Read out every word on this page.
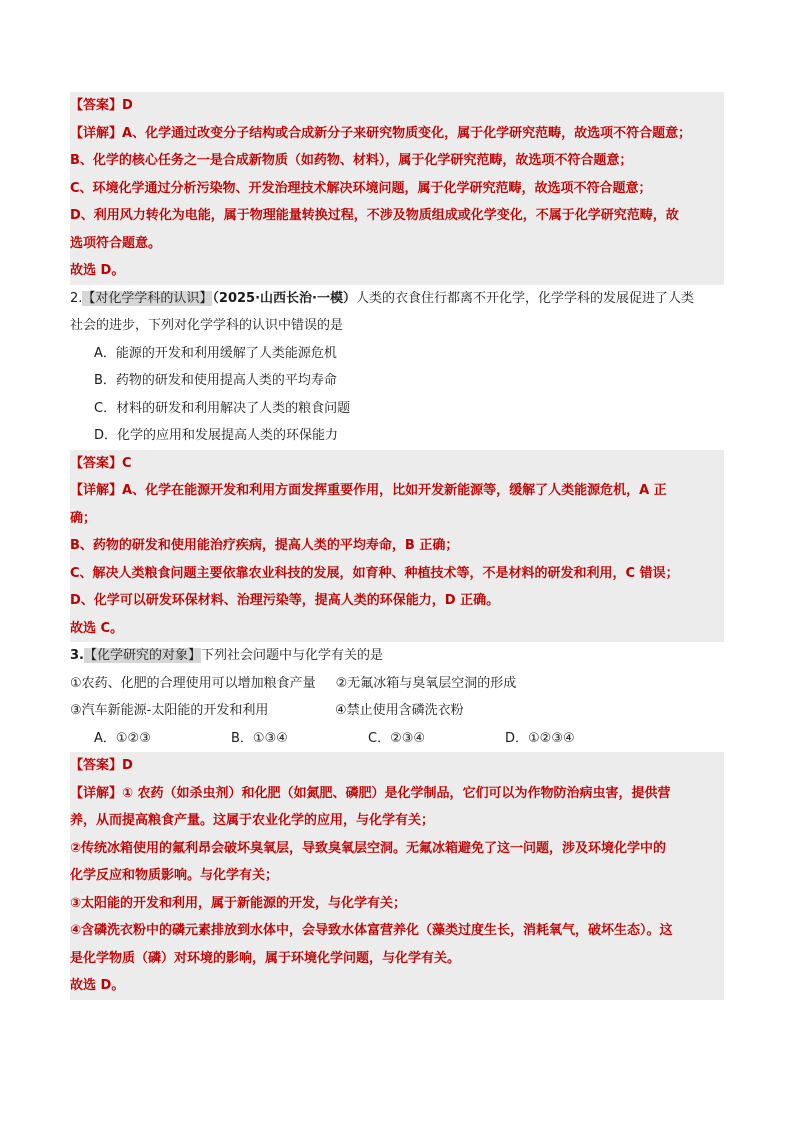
【答案】D
【详解】A、化学通过改变分子结构或合成新分子来研究物质变化，属于化学研究范畴，故选项不符合题意；
B、化学的核心任务之一是合成新物质（如药物、材料），属于化学研究范畴，故选项不符合题意；
C、环境化学通过分析污染物、开发治理技术解决环境问题，属于化学研究范畴，故选项不符合题意；
D、利用风力转化为电能，属于物理能量转换过程，不涉及物质组成或化学变化，不属于化学研究范畴，故
选项符合题意。
故选 D。
2.【对化学学科的认识】（2025·山西长治·一模）人类的衣食住行都离不开化学，化学学科的发展促进了人类
社会的进步，下列对化学学科的认识中错误的是
A．能源的开发和利用缓解了人类能源危机
B．药物的研发和使用提高人类的平均寿命
C．材料的研发和利用解决了人类的粮食问题
D．化学的应用和发展提高人类的环保能力
【答案】C
【详解】A、化学在能源开发和利用方面发挥重要作用，比如开发新能源等，缓解了人类能源危机，A 正
确；
B、药物的研发和使用能治疗疾病，提高人类的平均寿命，B 正确；
C、解决人类粮食问题主要依靠农业科技的发展，如育种、种植技术等，不是材料的研发和利用，C 错误；
D、化学可以研发环保材料、治理污染等，提高人类的环保能力，D 正确。
故选 C。
3.【化学研究的对象】下列社会问题中与化学有关的是
①农药、化肥的合理使用可以增加粮食产量 ②无氟冰箱与臭氧层空洞的形成
③汽车新能源-太阳能的开发和利用	④禁止使用含磷洗衣粉
A．①②③	B．①③④	C．②③④	D．①②③④
【答案】D
【详解】① 农药（如杀虫剂）和化肥（如氮肥、磷肥）是化学制品，它们可以为作物防治病虫害，提供营
养，从而提高粮食产量。这属于农业化学的应用，与化学有关；
②传统冰箱使用的氟利昂会破坏臭氧层，导致臭氧层空洞。无氟冰箱避免了这一问题，涉及环境化学中的
化学反应和物质影响。与化学有关；
③太阳能的开发和利用，属于新能源的开发，与化学有关；
④含磷洗衣粉中的磷元素排放到水体中，会导致水体富营养化（藻类过度生长，消耗氧气，破坏生态）。这
是化学物质（磷）对环境的影响，属于环境化学问题，与化学有关。
故选 D。
